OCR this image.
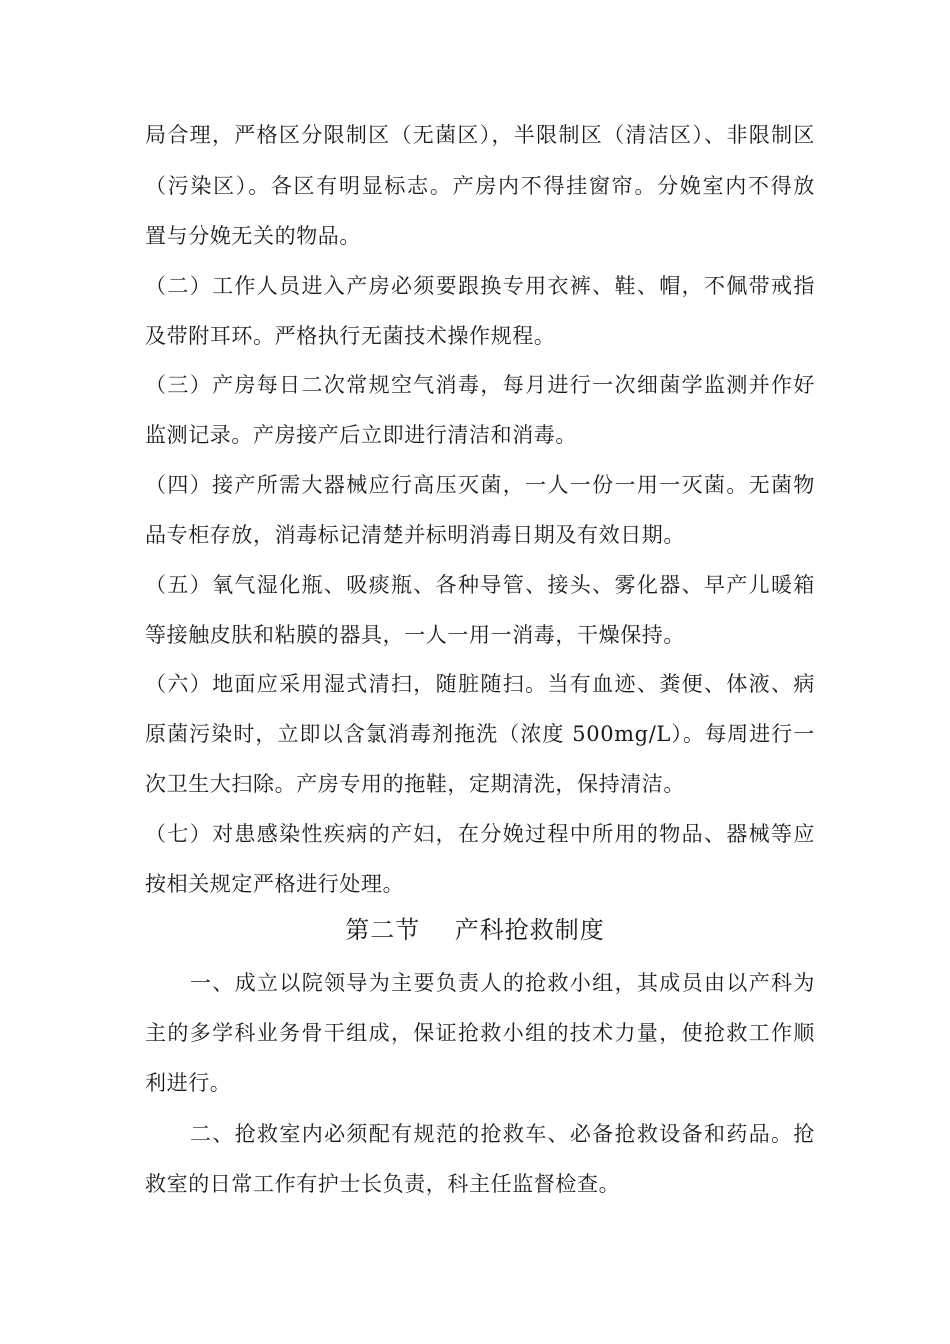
局合理，严格区分限制区（无菌区），半限制区（清洁区）、非限制区
（污染区）。各区有明显标志。产房内不得挂窗帘。分娩室内不得放
置与分娩无关的物品。
（二）工作人员进入产房必须要跟换专用衣裤、鞋、帽，不佩带戒指
及带附耳环。严格执行无菌技术操作规程。
（三）产房每日二次常规空气消毒，每月进行一次细菌学监测并作好
监测记录。产房接产后立即进行清洁和消毒。
（四）接产所需大器械应行高压灭菌，一人一份一用一灭菌。无菌物
品专柜存放，消毒标记清楚并标明消毒日期及有效日期。
（五）氧气湿化瓶、吸痰瓶、各种导管、接头、雾化器、早产儿暖箱
等接触皮肤和粘膜的器具，一人一用一消毒，干燥保持。
（六）地面应采用湿式清扫，随脏随扫。当有血迹、粪便、体液、病
原菌污染时，立即以含氯消毒剂拖洗（浓度 500mg/L）。每周进行一
次卫生大扫除。产房专用的拖鞋，定期清洗，保持清洁。
（七）对患感染性疾病的产妇，在分娩过程中所用的物品、器械等应
按相关规定严格进行处理。
第二节    产科抢救制度
一、成立以院领导为主要负责人的抢救小组，其成员由以产科为
主的多学科业务骨干组成，保证抢救小组的技术力量，使抢救工作顺
利进行。
二、抢救室内必须配有规范的抢救车、必备抢救设备和药品。抢
救室的日常工作有护士长负责，科主任监督检查。
